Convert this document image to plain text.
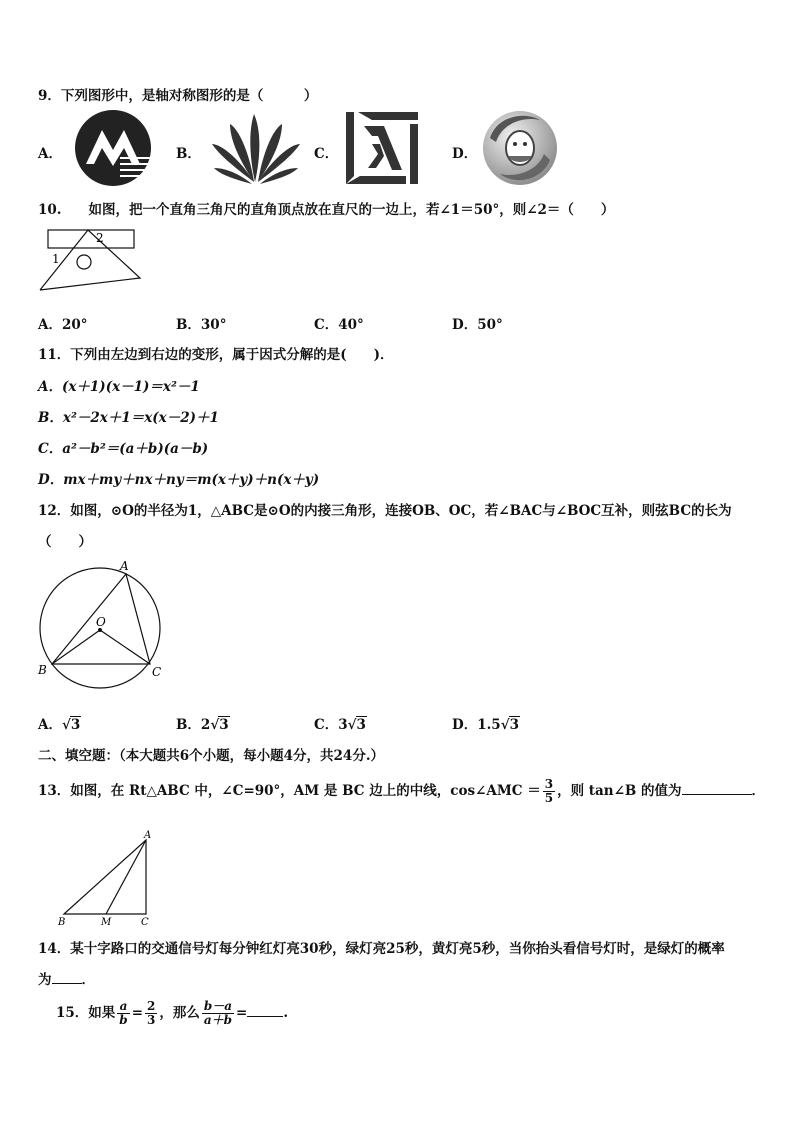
9．下列图形中，是轴对称图形的是（　　　）
A．	B．	C．	D．
10.　　如图，把一个直角三角尺的直角顶点放在直尺的一边上，若∠1＝50°，则∠2＝（　　）
1
2
A．20°	B．30°	C．40°	D．50°
11．下列由左边到右边的变形，属于因式分解的是(　　)．
A．(x＋1)(x－1)＝x²－1
B．x²－2x＋1＝x(x－2)＋1
C．a²－b²＝(a＋b)(a－b)
D．mx＋my＋nx＋ny＝m(x＋y)＋n(x＋y)
12．如图，⊙O的半径为1，△ABC是⊙O的内接三角形，连接OB、OC，若∠BAC与∠BOC互补，则弦BC的长为
（　　）
A
O
B	C
A．√3	B．2√3	C．3√3	D．1.5√3
二、填空题：（本大题共6个小题，每小题4分，共24分.）
13．如图，在 Rt△ABC 中，∠C=90°，AM 是 BC 边上的中线，cos∠AMC ＝ $\frac{3}{5}$ ，则 tan∠B 的值为	．
A
B	M	C
14．某十字路口的交通信号灯每分钟红灯亮30秒，绿灯亮25秒，黄灯亮5秒，当你抬头看信号灯时，是绿灯的概率
为 ．
15．如果 $\frac{a}{b} = \frac{2}{3}$ ，那么 $\frac{b-a}{a+b}$ =	.
